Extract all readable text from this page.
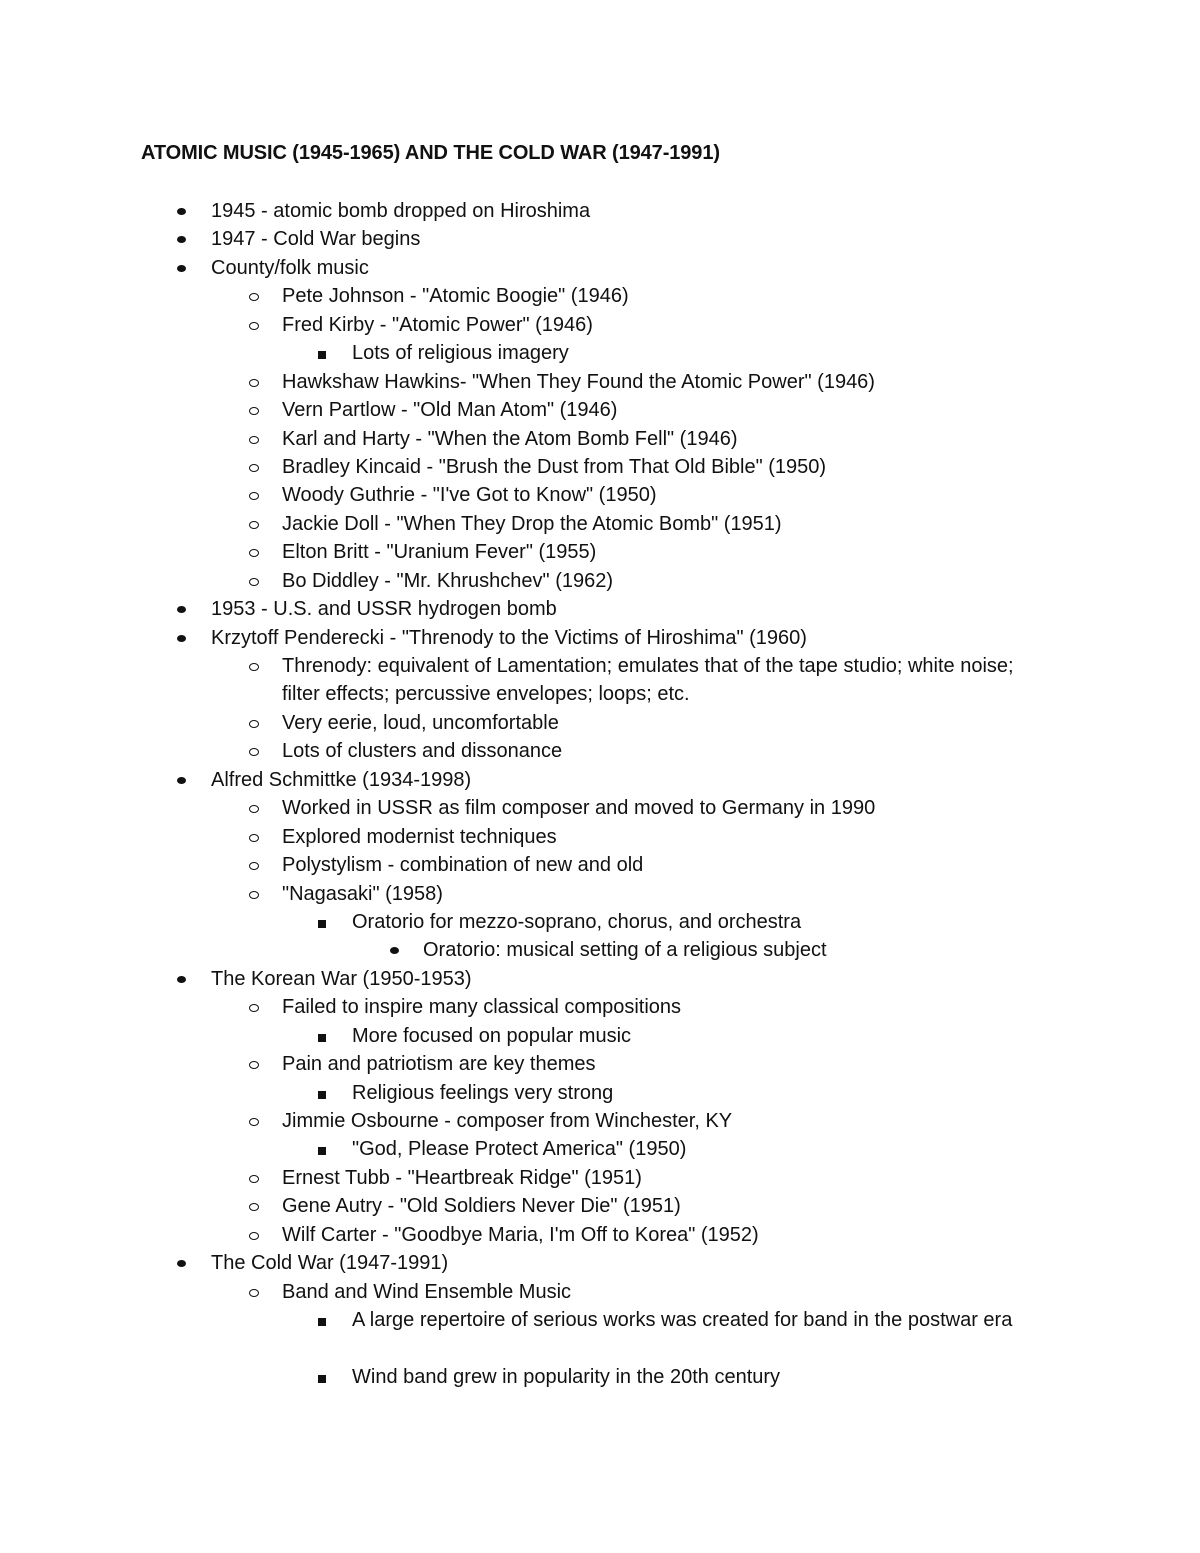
ATOMIC MUSIC (1945-1965) AND THE COLD WAR (1947-1991)
1945 - atomic bomb dropped on Hiroshima
1947 - Cold War begins
County/folk music
Pete Johnson - "Atomic Boogie" (1946)
Fred Kirby - "Atomic Power" (1946)
Lots of religious imagery
Hawkshaw Hawkins- "When They Found the Atomic Power" (1946)
Vern Partlow - "Old Man Atom" (1946)
Karl and Harty - "When the Atom Bomb Fell" (1946)
Bradley Kincaid - "Brush the Dust from That Old Bible" (1950)
Woody Guthrie - "I've Got to Know" (1950)
Jackie Doll - "When They Drop the Atomic Bomb" (1951)
Elton Britt - "Uranium Fever" (1955)
Bo Diddley - "Mr. Khrushchev" (1962)
1953 - U.S. and USSR hydrogen bomb
Krzytoff Penderecki - "Threnody to the Victims of Hiroshima" (1960)
Threnody: equivalent of Lamentation; emulates that of the tape studio; white noise; filter effects; percussive envelopes; loops; etc.
Very eerie, loud, uncomfortable
Lots of clusters and dissonance
Alfred Schmittke (1934-1998)
Worked in USSR as film composer and moved to Germany in 1990
Explored modernist techniques
Polystylism - combination of new and old
"Nagasaki" (1958)
Oratorio for mezzo-soprano, chorus, and orchestra
Oratorio: musical setting of a religious subject
The Korean War (1950-1953)
Failed to inspire many classical compositions
More focused on popular music
Pain and patriotism are key themes
Religious feelings very strong
Jimmie Osbourne - composer from Winchester, KY
"God, Please Protect America" (1950)
Ernest Tubb - "Heartbreak Ridge" (1951)
Gene Autry - "Old Soldiers Never Die" (1951)
Wilf Carter - "Goodbye Maria, I'm Off to Korea" (1952)
The Cold War (1947-1991)
Band and Wind Ensemble Music
A large repertoire of serious works was created for band in the postwar era
Wind band grew in popularity in the 20th century
